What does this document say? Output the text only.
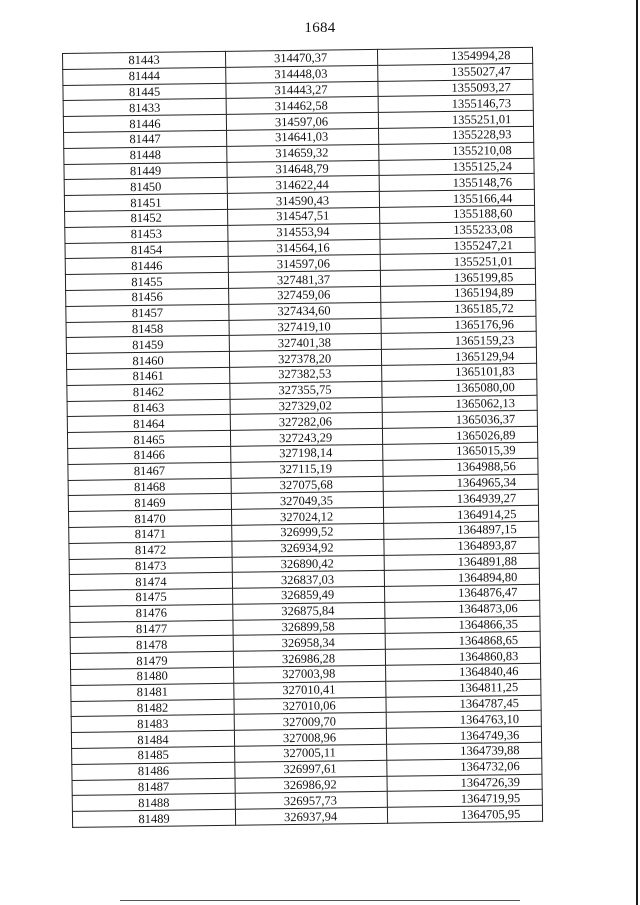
1684
81443	314470,37	1354994,28
81444	314448,03	1355027,47
81445	314443,27	1355093,27
81433	314462,58	1355146,73
81446	314597,06	1355251,01
81447	314641,03	1355228,93
81448	314659,32	1355210,08
81449	314648,79	1355125,24
81450	314622,44	1355148,76
81451	314590,43	1355166,44
81452	314547,51	1355188,60
81453	314553,94	1355233,08
81454	314564,16	1355247,21
81446	314597,06	1355251,01
81455	327481,37	1365199,85
81456	327459,06	1365194,89
81457	327434,60	1365185,72
81458	327419,10	1365176,96
81459	327401,38	1365159,23
81460	327378,20	1365129,94
81461	327382,53	1365101,83
81462	327355,75	1365080,00
81463	327329,02	1365062,13
81464	327282,06	1365036,37
81465	327243,29	1365026,89
81466	327198,14	1365015,39
81467	327115,19	1364988,56
81468	327075,68	1364965,34
81469	327049,35	1364939,27
81470	327024,12	1364914,25
81471	326999,52	1364897,15
81472	326934,92	1364893,87
81473	326890,42	1364891,88
81474	326837,03	1364894,80
81475	326859,49	1364876,47
81476	326875,84	1364873,06
81477	326899,58	1364866,35
81478	326958,34	1364868,65
81479	326986,28	1364860,83
81480	327003,98	1364840,46
81481	327010,41	1364811,25
81482	327010,06	1364787,45
81483	327009,70	1364763,10
81484	327008,96	1364749,36
81485	327005,11	1364739,88
81486	326997,61	1364732,06
81487	326986,92	1364726,39
81488	326957,73	1364719,95
81489	326937,94	1364705,95
